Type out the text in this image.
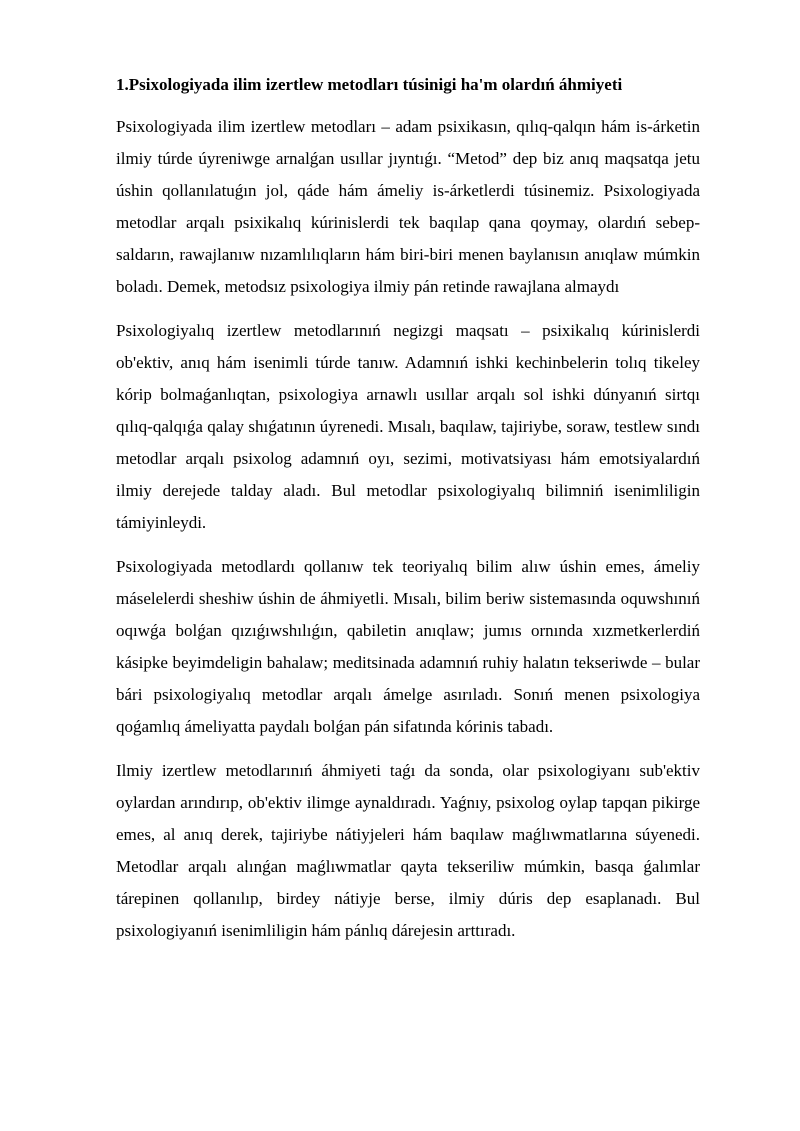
1.Psixologiyada ilim izertlew metodları túsinigi ha'm olardıń áhmiyeti

Psixologiyada ilim izertlew metodları – adam psixikasın, qılıq-qalqın hám is-árketin ilmiy túrde úyreniwge arnalǵan usıllar jıyntıǵı. “Metod” dep biz anıq maqsatqa jetu úshin qollanılatuǵın jol, qáde hám ámeliy is-árketlerdi túsinemiz. Psixologiyada metodlar arqalı psixikalıq kúrinislerdi tek baqılap qana qoymay, olardıń sebep-saldarın, rawajlanıw nızamlılıqların hám biri-biri menen baylanısın anıqlaw múmkin boladı. Demek, metodsız psixologiya ilmiy pán retinde rawajlana almaydı

Psixologiyalıq izertlew metodlarınıń negizgi maqsatı – psixikalıq kúrinislerdi ob'ektiv, anıq hám isenimli túrde tanıw. Adamnıń ishki kechinbelerin tolıq tikeley kórip bolmaǵanlıqtan, psixologiya arnawlı usıllar arqalı sol ishki dúnyanıń sirtqı qılıq-qalqıǵa qalay shıǵatının úyrenedi. Mısalı, baqılaw, tajiriybe, soraw, testlew sındı metodlar arqalı psixolog adamnıń oyı, sezimi, motivatsiyası hám emotsiyalardıń ilmiy derejede talday aladı. Bul metodlar psixologiyalıq bilimniń isenimliligin támiyinleydi.

Psixologiyada metodlardı qollanıw tek teoriyalıq bilim alıw úshin emes, ámeliy máselelerdi sheshiw úshin de áhmiyetli. Mısalı, bilim beriw sistemasında oquwshınıń oqıwǵa bolǵan qızıǵıwshılıǵın, qabiletin anıqlaw; jumıs ornında xızmetkerlerdiń kásipke beyimdeligin bahalaw; meditsinada adamnıń ruhiy halatın tekseriwde – bular bári psixologiyalıq metodlar arqalı ámelge asırıladı. Sonıń menen psixologiya qoǵamlıq ámeliyatta paydalı bolǵan pán sifatında kórinis tabadı.

Ilmiy izertlew metodlarınıń áhmiyeti taǵı da sonda, olar psixologiyanı sub'ektiv oylardan arındırıp, ob'ektiv ilimge aynaldıradı. Yaǵnıy, psixolog oylap tapqan pikirge emes, al anıq derek, tajiriybe nátiyjeleri hám baqılaw maǵlıwmatlarına súyenedi. Metodlar arqalı alınǵan maǵlıwmatlar qayta tekseriliw múmkin, basqa ǵalımlar tárepinen qollanılıp, birdey nátiyje berse, ilmiy dúris dep esaplanadı. Bul psixologiyanıń isenimliligin hám pánlıq dárejesin arttıradı.
